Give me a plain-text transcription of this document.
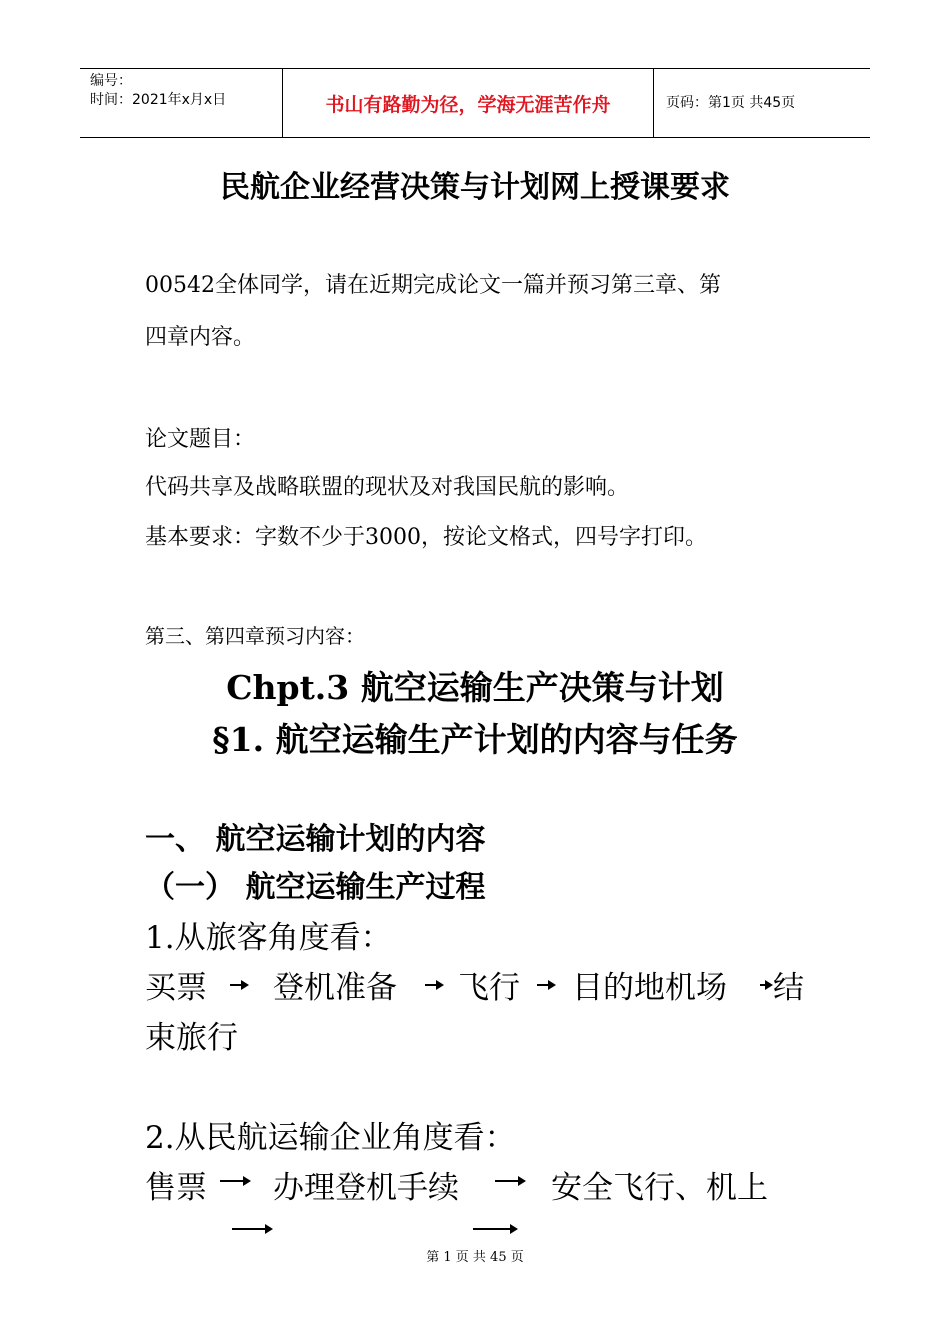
编号：
时间：2021年x月x日	书山有路勤为径，学海无涯苦作舟	页码：第1页 共45页
民航企业经营决策与计划网上授课要求
00542全体同学，请在近期完成论文一篇并预习第三章、第
四章内容。
论文题目：
代码共享及战略联盟的现状及对我国民航的影响。
基本要求：字数不少于3000，按论文格式，四号字打印。
第三、第四章预习内容：
Chpt.3 航空运输生产决策与计划
§1. 航空运输生产计划的内容与任务
一、 航空运输计划的内容
（一） 航空运输生产过程
1.从旅客角度看：
买票 登机准备 飞行 目的地机场 结
束旅行
2.从民航运输企业角度看：
售票 办理登机手续	安全飞行、机上
第 1 页 共 45 页
